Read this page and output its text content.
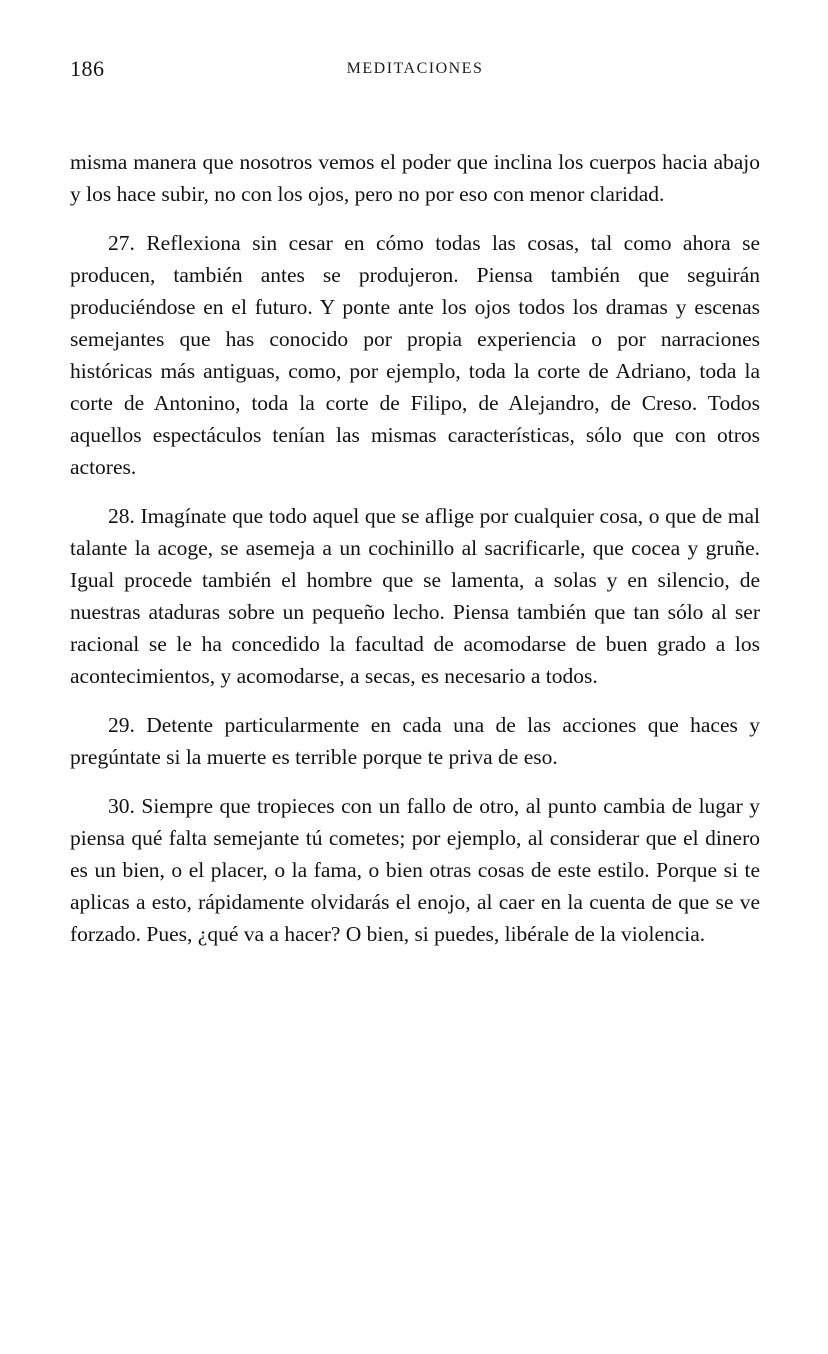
186	MEDITACIONES

misma manera que nosotros vemos el poder que inclina los cuerpos hacia abajo y los hace subir, no con los ojos, pero no por eso con menor claridad.

27. Reflexiona sin cesar en cómo todas las cosas, tal como ahora se producen, también antes se produjeron. Piensa también que seguirán produciéndose en el futuro. Y ponte ante los ojos todos los dramas y escenas semejantes que has conocido por propia experiencia o por narraciones históricas más antiguas, como, por ejemplo, toda la corte de Adriano, toda la corte de Antonino, toda la corte de Filipo, de Alejandro, de Creso. Todos aquellos espectáculos tenían las mismas características, sólo que con otros actores.

28. Imagínate que todo aquel que se aflige por cualquier cosa, o que de mal talante la acoge, se asemeja a un cochinillo al sacrificarle, que cocea y gruñe. Igual procede también el hombre que se lamenta, a solas y en silencio, de nuestras ataduras sobre un pequeño lecho. Piensa también que tan sólo al ser racional se le ha concedido la facultad de acomodarse de buen grado a los acontecimientos, y acomodarse, a secas, es necesario a todos.

29. Detente particularmente en cada una de las acciones que haces y pregúntate si la muerte es terrible porque te priva de eso.

30. Siempre que tropieces con un fallo de otro, al punto cambia de lugar y piensa qué falta semejante tú cometes; por ejemplo, al considerar que el dinero es un bien, o el placer, o la fama, o bien otras cosas de este estilo. Porque si te aplicas a esto, rápidamente olvidarás el enojo, al caer en la cuenta de que se ve forzado. Pues, ¿qué va a hacer? O bien, si puedes, libérale de la violencia.
